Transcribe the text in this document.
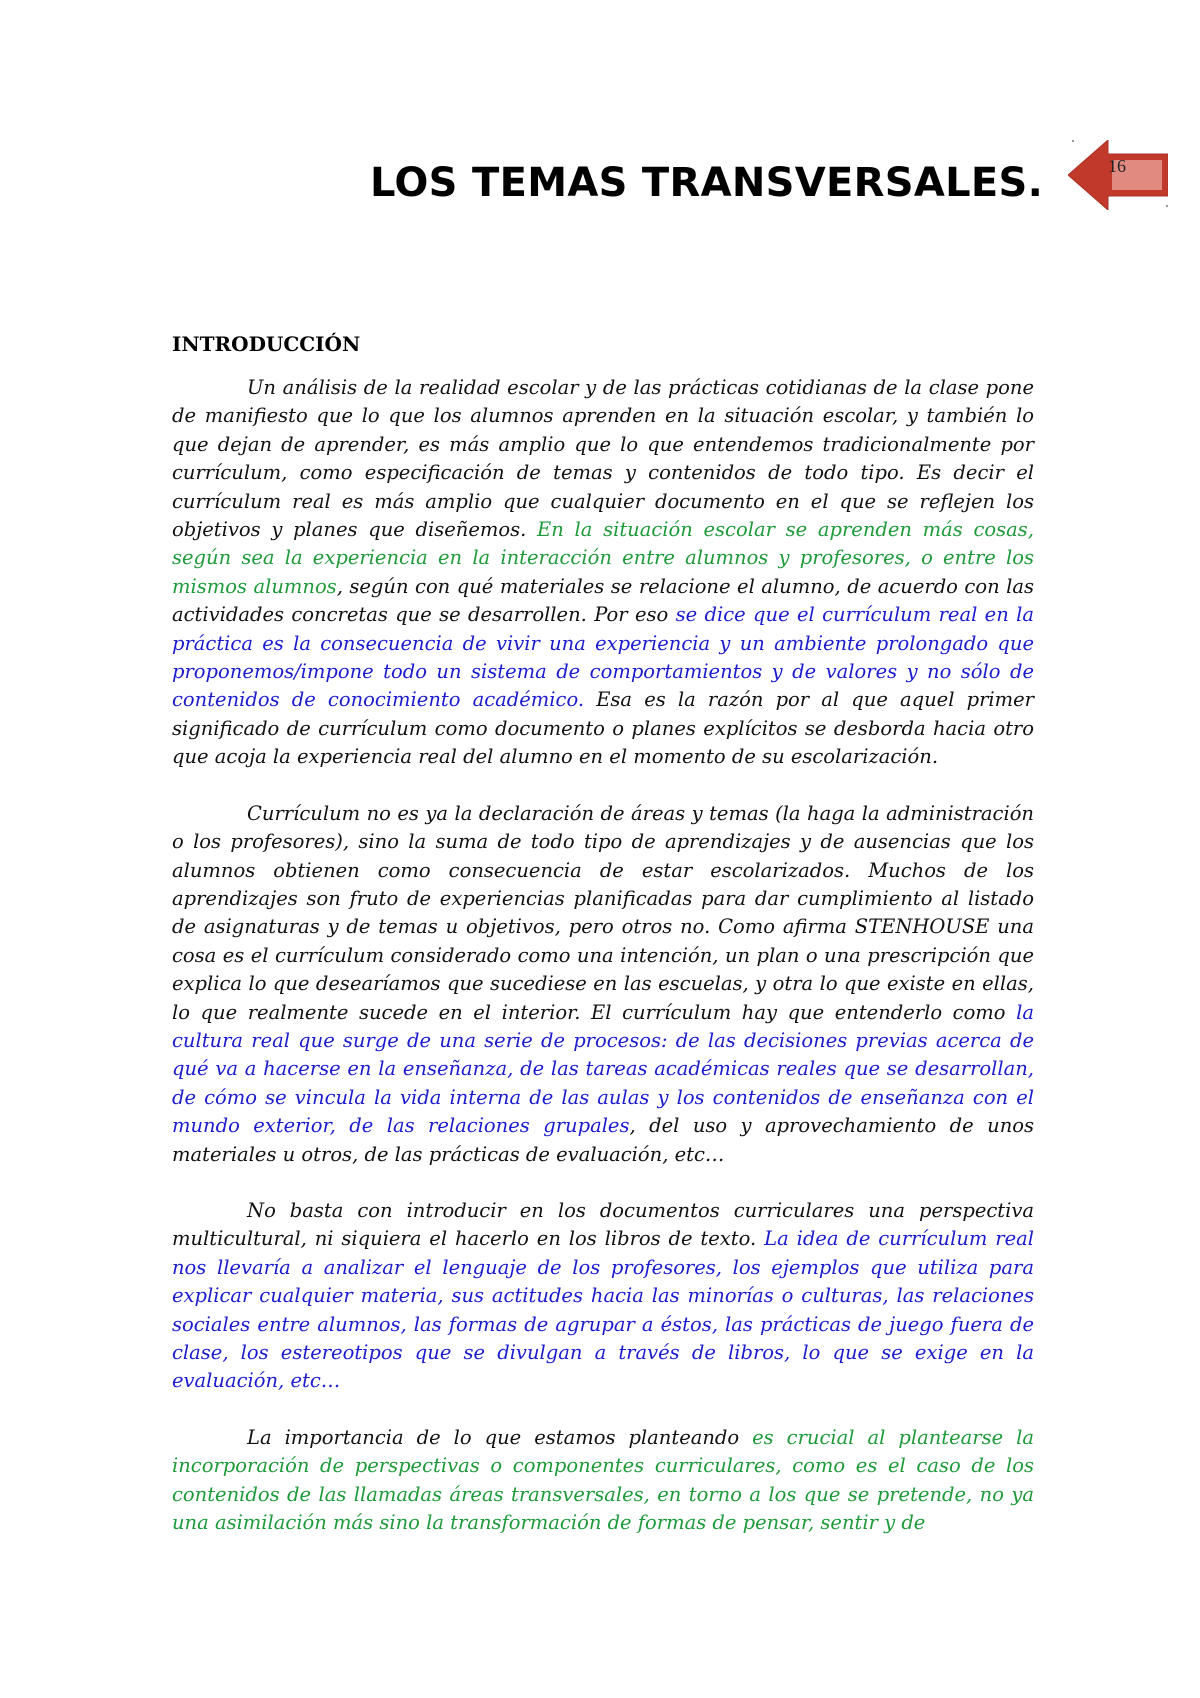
16
LOS TEMAS TRANSVERSALES.
INTRODUCCIÓN

Un análisis de la realidad escolar y de las prácticas cotidianas de la clase pone de manifiesto que lo que los alumnos aprenden en la situación escolar, y también lo que dejan de aprender, es más amplio que lo que entendemos tradicionalmente por currículum, como especificación de temas y contenidos de todo tipo. Es decir el currículum real es más amplio que cualquier documento en el que se reflejen los objetivos y planes que diseñemos. En la situación escolar se aprenden más cosas, según sea la experiencia en la interacción entre alumnos y profesores, o entre los mismos alumnos, según con qué materiales se relacione el alumno, de acuerdo con las actividades concretas que se desarrollen. Por eso se dice que el currículum real en la práctica es la consecuencia de vivir una experiencia y un ambiente prolongado que proponemos/impone todo un sistema de comportamientos y de valores y no sólo de contenidos de conocimiento académico. Esa es la razón por al que aquel primer significado de currículum como documento o planes explícitos se desborda hacia otro que acoja la experiencia real del alumno en el momento de su escolarización.

Currículum no es ya la declaración de áreas y temas (la haga la administración o los profesores), sino la suma de todo tipo de aprendizajes y de ausencias que los alumnos obtienen como consecuencia de estar escolarizados. Muchos de los aprendizajes son fruto de experiencias planificadas para dar cumplimiento al listado de asignaturas y de temas u objetivos, pero otros no. Como afirma STENHOUSE una cosa es el currículum considerado como una intención, un plan o una prescripción que explica lo que desearíamos que sucediese en las escuelas, y otra lo que existe en ellas, lo que realmente sucede en el interior. El currículum hay que entenderlo como la cultura real que surge de una serie de procesos: de las decisiones previas acerca de qué va a hacerse en la enseñanza, de las tareas académicas reales que se desarrollan, de cómo se vincula la vida interna de las aulas y los contenidos de enseñanza con el mundo exterior, de las relaciones grupales, del uso y aprovechamiento de unos materiales u otros, de las prácticas de evaluación, etc…

No basta con introducir en los documentos curriculares una perspectiva multicultural, ni siquiera el hacerlo en los libros de texto. La idea de currículum real nos llevaría a analizar el lenguaje de los profesores, los ejemplos que utiliza para explicar cualquier materia, sus actitudes hacia las minorías o culturas, las relaciones sociales entre alumnos, las formas de agrupar a éstos, las prácticas de juego fuera de clase, los estereotipos que se divulgan a través de libros, lo que se exige en la evaluación, etc…

La importancia de lo que estamos planteando es crucial al plantearse la incorporación de perspectivas o componentes curriculares, como es el caso de los contenidos de las llamadas áreas transversales, en torno a los que se pretende, no ya una asimilación más sino la transformación de formas de pensar, sentir y de
